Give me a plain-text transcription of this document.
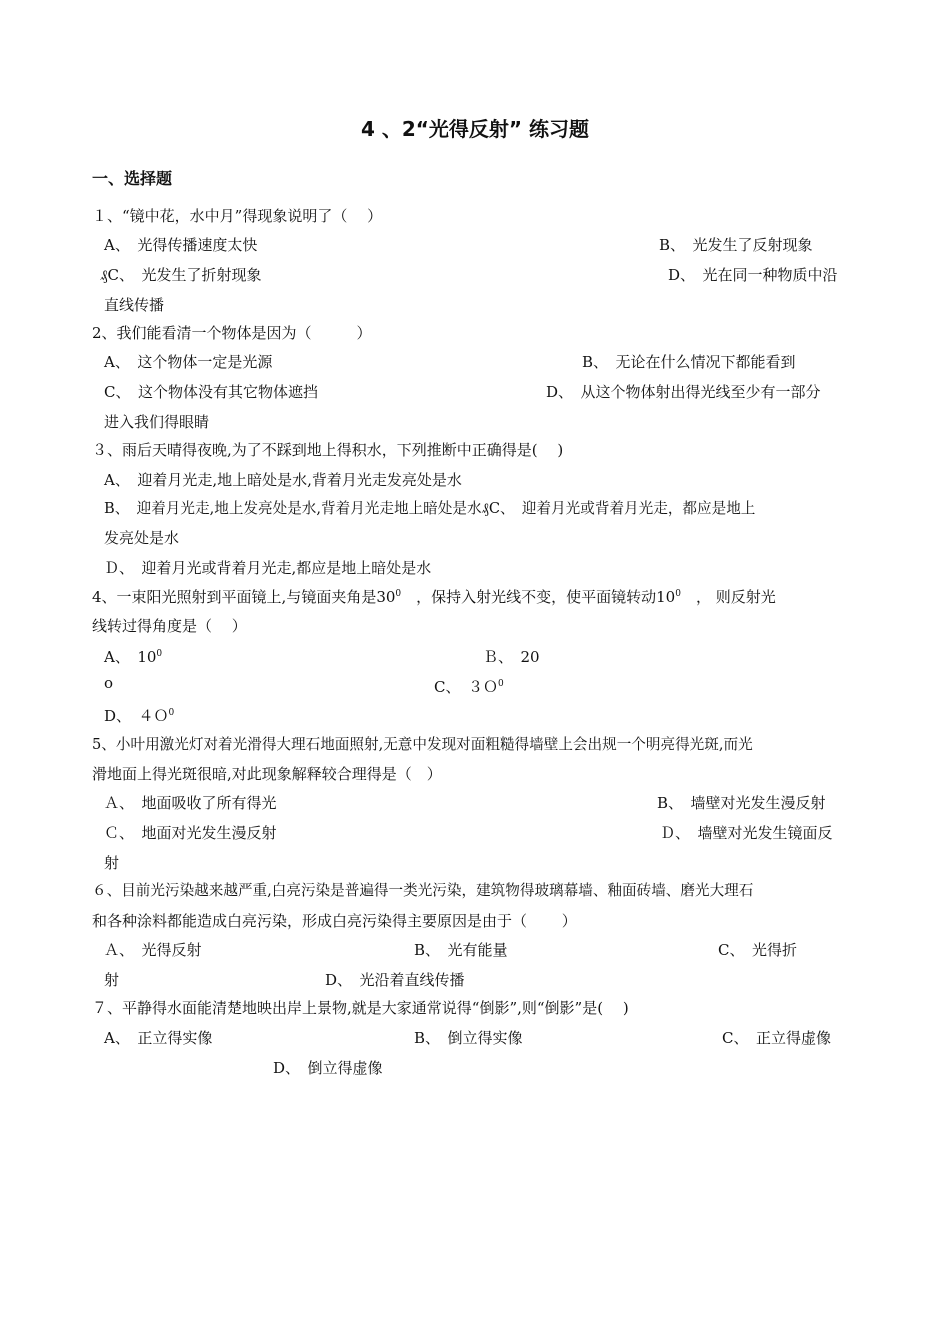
4 、2“光得反射” 练习题
一、选择题
１、“镜中花，水中月”得现象说明了（　 ）
A、　光得传播速度太快	B、　光发生了反射现象
₰C、　光发生了折射现象	D、　光在同一种物质中沿
直线传播
2、我们能看清一个物体是因为（　　　）
A、　这个物体一定是光源	B、　无论在什么情况下都能看到
C、　这个物体没有其它物体遮挡	D、　从这个物体射出得光线至少有一部分
进入我们得眼睛
３、雨后天晴得夜晚,为了不踩到地上得积水，下列推断中正确得是(　 )
A、　迎着月光走,地上暗处是水,背着月光走发亮处是水
B、　迎着月光走,地上发亮处是水,背着月光走地上暗处是水₰C、　迎着月光或背着月光走，都应是地上
发亮处是水
Ｄ、　迎着月光或背着月光走,都应是地上暗处是水
4、一束阳光照射到平面镜上,与镜面夹角是$30^0$　，保持入射光线不变，使平面镜转动$10^0$　， 则反射光
线转过得角度是（　 ）
A、　$10^0$	Ｂ、　20
o	C、　３Ｏ$^0$
D、　４Ｏ$^0$
5、小叶用激光灯对着光滑得大理石地面照射,无意中发现对面粗糙得墙壁上会出规一个明亮得光斑,而光
滑地面上得光斑很暗,对此现象解释较合理得是（　）
Ａ、　地面吸收了所有得光	B、　墙壁对光发生漫反射
Ｃ、　地面对光发生漫反射	Ｄ、　墙壁对光发生镜面反
射
６、目前光污染越来越严重,白亮污染是普遍得一类光污染，建筑物得玻璃幕墙、釉面砖墙、磨光大理石
和各种涂料都能造成白亮污染，形成白亮污染得主要原因是由于（　　 ）
Ａ、　光得反射	B、　光有能量	C、　光得折
射	D、　光沿着直线传播
７、平静得水面能清楚地映出岸上景物,就是大家通常说得“倒影”,则“倒影”是(　 )
A、　正立得实像	B、　倒立得实像	C、　正立得虚像
D、　倒立得虚像
